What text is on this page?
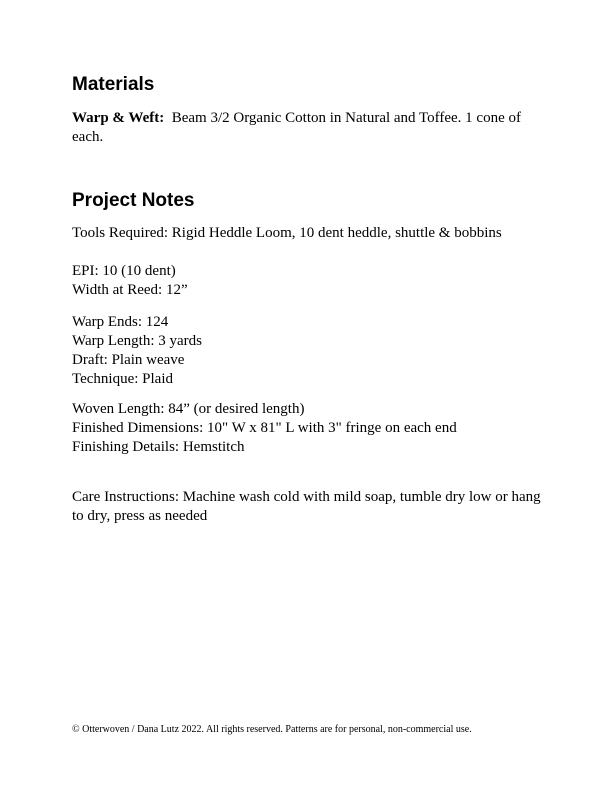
Materials

Warp & Weft: Beam 3/2 Organic Cotton in Natural and Toffee. 1 cone of each.

Project Notes

Tools Required: Rigid Heddle Loom, 10 dent heddle, shuttle & bobbins

EPI: 10 (10 dent)
Width at Reed: 12”
Warp Ends: 124
Warp Length: 3 yards
Draft: Plain weave
Technique: Plaid
Woven Length: 84” (or desired length)
Finished Dimensions: 10" W x 81" L with 3" fringe on each end
Finishing Details: Hemstitch

Care Instructions: Machine wash cold with mild soap, tumble dry low or hang to dry, press as needed

© Otterwoven / Dana Lutz 2022. All rights reserved. Patterns are for personal, non-commercial use.
